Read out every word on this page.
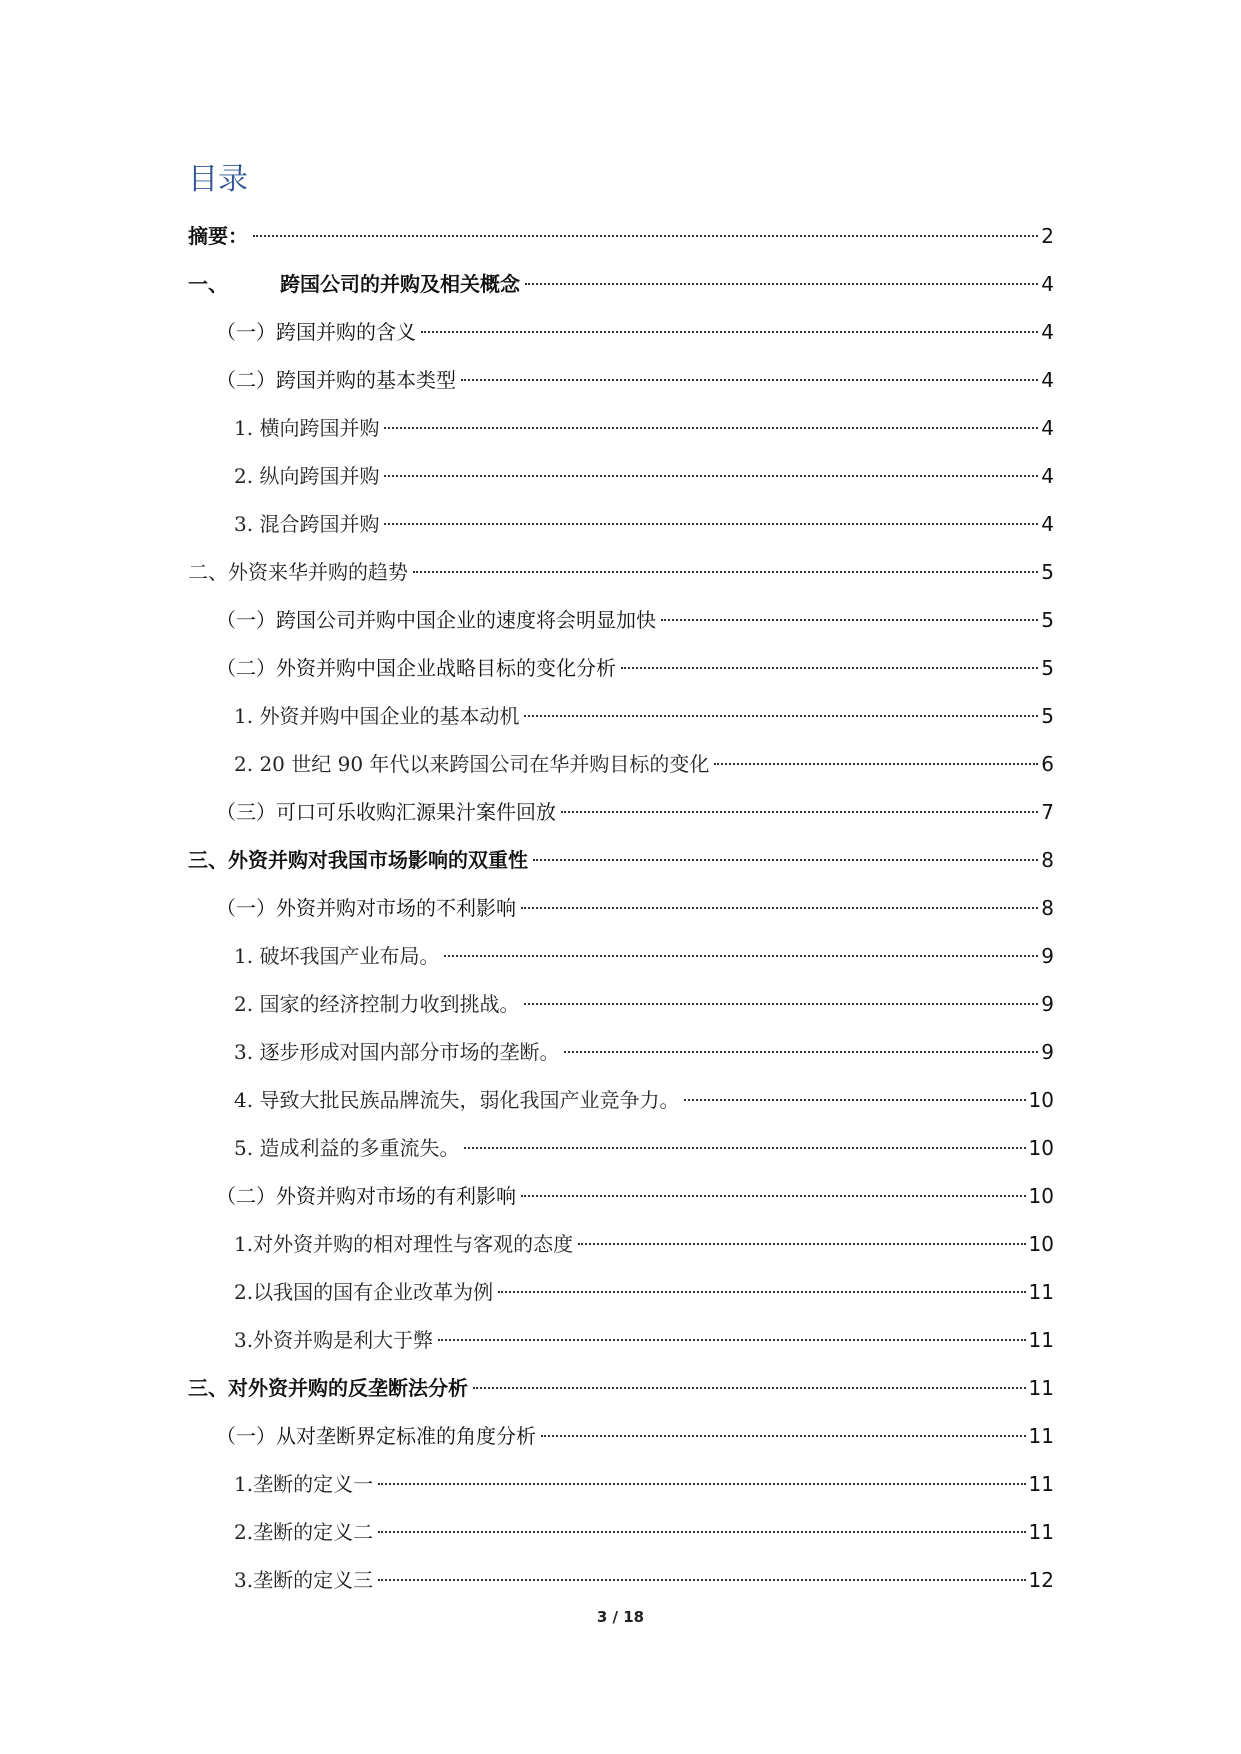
目录
摘要：	2
一、	跨国公司的并购及相关概念	4
（一）跨国并购的含义	4
（二）跨国并购的基本类型	4
1. 横向跨国并购	4
2. 纵向跨国并购	4
3. 混合跨国并购	4
二、外资来华并购的趋势	5
（一）跨国公司并购中国企业的速度将会明显加快	5
（二）外资并购中国企业战略目标的变化分析	5
1. 外资并购中国企业的基本动机	5
2. 20 世纪 90 年代以来跨国公司在华并购目标的变化	6
（三）可口可乐收购汇源果汁案件回放	7
三、外资并购对我国市场影响的双重性	8
（一）外资并购对市场的不利影响	8
1. 破坏我国产业布局。	9
2. 国家的经济控制力收到挑战。	9
3. 逐步形成对国内部分市场的垄断。	9
4. 导致大批民族品牌流失，弱化我国产业竞争力。	10
5. 造成利益的多重流失。	10
（二）外资并购对市场的有利影响	10
1.对外资并购的相对理性与客观的态度	10
2.以我国的国有企业改革为例	11
3.外资并购是利大于弊	11
三、对外资并购的反垄断法分析	11
（一）从对垄断界定标准的角度分析	11
1.垄断的定义一	11
2.垄断的定义二	11
3.垄断的定义三	12
3 / 18
